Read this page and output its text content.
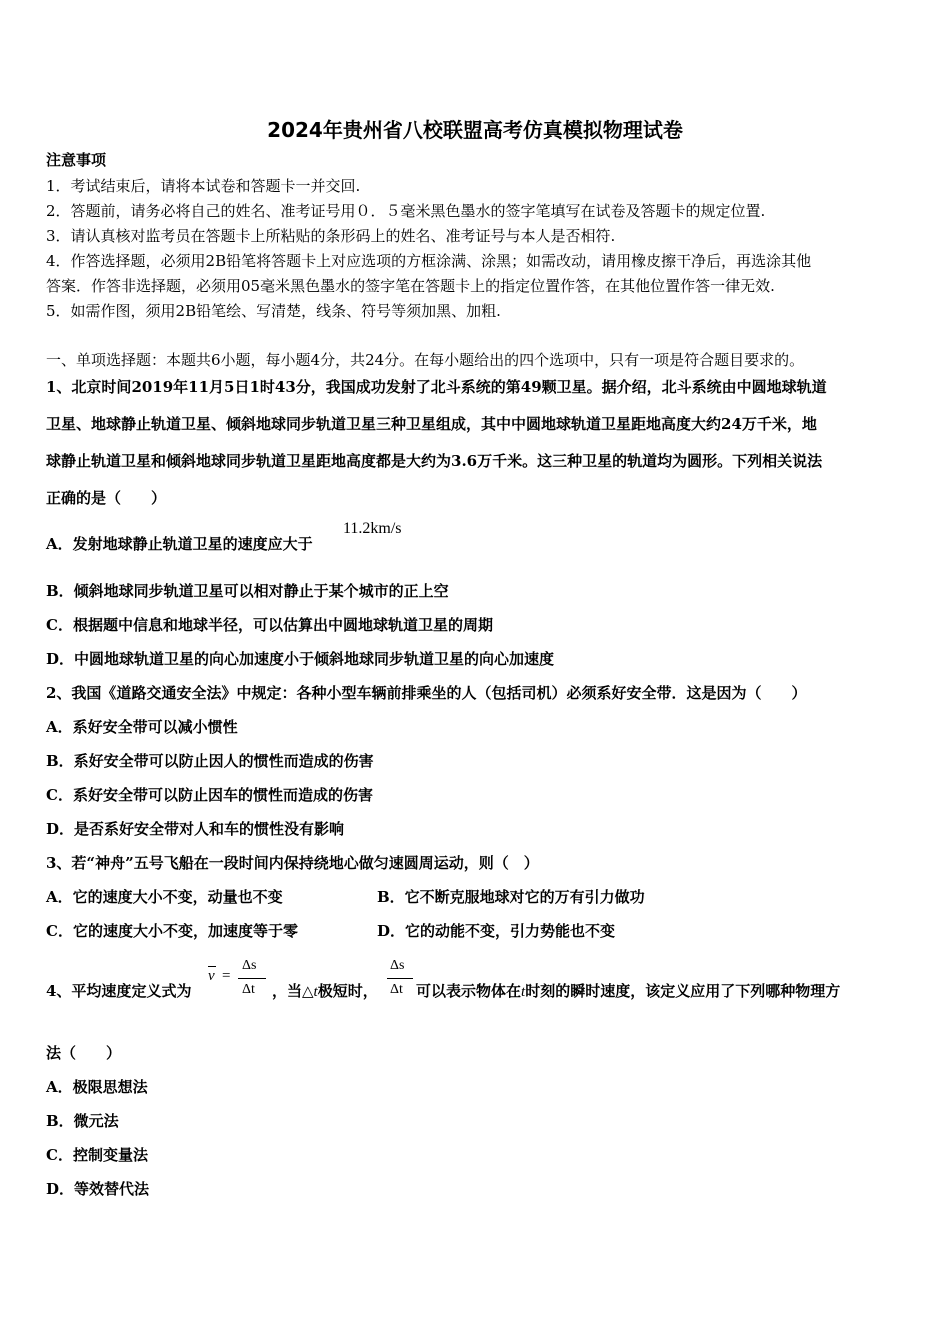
2024年贵州省八校联盟高考仿真模拟物理试卷
注意事项
1．考试结束后，请将本试卷和答题卡一并交回.
2．答题前，请务必将自己的姓名、准考证号用０．５毫米黑色墨水的签字笔填写在试卷及答题卡的规定位置.
3．请认真核对监考员在答题卡上所粘贴的条形码上的姓名、准考证号与本人是否相符.
4．作答选择题，必须用2B铅笔将答题卡上对应选项的方框涂满、涂黑；如需改动，请用橡皮擦干净后，再选涂其他
答案．作答非选择题，必须用05毫米黑色墨水的签字笔在答题卡上的指定位置作答，在其他位置作答一律无效.
5．如需作图，须用2B铅笔绘、写清楚，线条、符号等须加黑、加粗.
一、单项选择题：本题共6小题，每小题4分，共24分。在每小题给出的四个选项中，只有一项是符合题目要求的。
1、北京时间2019年11月5日1时43分，我国成功发射了北斗系统的第49颗卫星。据介绍，北斗系统由中圆地球轨道
卫星、地球静止轨道卫星、倾斜地球同步轨道卫星三种卫星组成，其中中圆地球轨道卫星距地高度大约24万千米，地
球静止轨道卫星和倾斜地球同步轨道卫星距地高度都是大约为3.6万千米。这三种卫星的轨道均为圆形。下列相关说法
正确的是（　　）
A．发射地球静止轨道卫星的速度应大于
11.2km/s
B．倾斜地球同步轨道卫星可以相对静止于某个城市的正上空
C．根据题中信息和地球半径，可以估算出中圆地球轨道卫星的周期
D．中圆地球轨道卫星的向心加速度小于倾斜地球同步轨道卫星的向心加速度
2、我国《道路交通安全法》中规定：各种小型车辆前排乘坐的人（包括司机）必须系好安全带．这是因为（　　）
A．系好安全带可以减小惯性
B．系好安全带可以防止因人的惯性而造成的伤害
C．系好安全带可以防止因车的惯性而造成的伤害
D．是否系好安全带对人和车的惯性没有影响
3、若“神舟”五号飞船在一段时间内保持绕地心做匀速圆周运动，则（　）
A．它的速度大小不变，动量也不变	B．它不断克服地球对它的万有引力做功
C．它的速度大小不变，加速度等于零	D．它的动能不变，引力势能也不变
4、平均速度定义式为
v =
Δs
Δt ，当△t极短时，
Δs
Δt 可以表示物体在t时刻的瞬时速度，该定义应用了下列哪种物理方
法（　　）
A．极限思想法
B．微元法
C．控制变量法
D．等效替代法
